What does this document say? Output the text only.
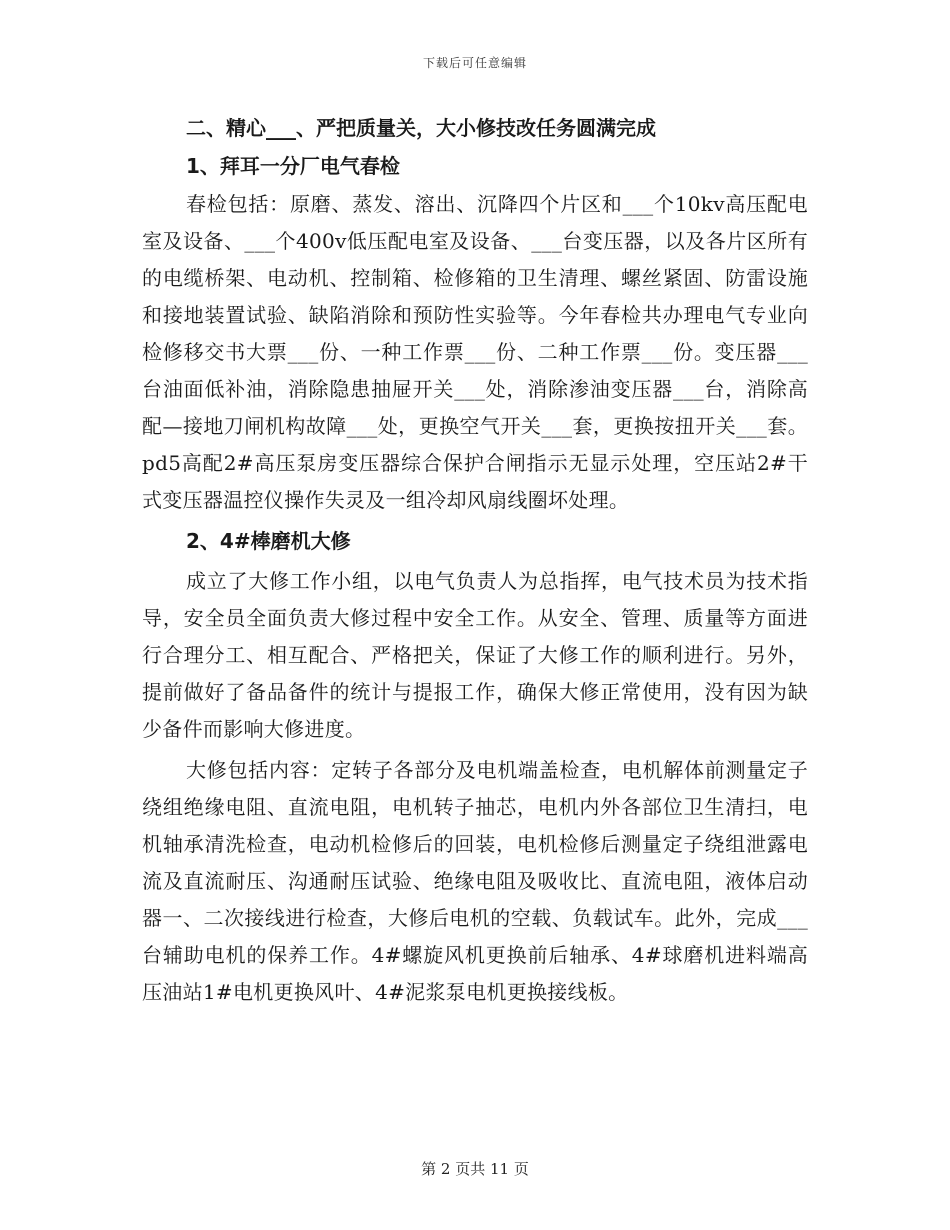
下载后可任意编辑

二、精心___、严把质量关，大小修技改任务圆满完成

1、拜耳一分厂电气春检

春检包括：原磨、蒸发、溶出、沉降四个片区和___个10kv高压配电室及设备、___个400v低压配电室及设备、___台变压器，以及各片区所有的电缆桥架、电动机、控制箱、检修箱的卫生清理、螺丝紧固、防雷设施和接地装置试验、缺陷消除和预防性实验等。今年春检共办理电气专业向检修移交书大票___份、一种工作票___份、二种工作票___份。变压器___台油面低补油，消除隐患抽屉开关___处，消除渗油变压器___台，消除高配—接地刀闸机构故障___处，更换空气开关___套，更换按扭开关___套。pd5高配2#高压泵房变压器综合保护合闸指示无显示处理，空压站2#干式变压器温控仪操作失灵及一组冷却风扇线圈坏处理。

2、4#棒磨机大修

成立了大修工作小组，以电气负责人为总指挥，电气技术员为技术指导，安全员全面负责大修过程中安全工作。从安全、管理、质量等方面进行合理分工、相互配合、严格把关，保证了大修工作的顺利进行。另外，提前做好了备品备件的统计与提报工作，确保大修正常使用，没有因为缺少备件而影响大修进度。

大修包括内容：定转子各部分及电机端盖检查，电机解体前测量定子绕组绝缘电阻、直流电阻，电机转子抽芯，电机内外各部位卫生清扫，电机轴承清洗检查，电动机检修后的回装，电机检修后测量定子绕组泄露电流及直流耐压、沟通耐压试验、绝缘电阻及吸收比、直流电阻，液体启动器一、二次接线进行检查，大修后电机的空载、负载试车。此外，完成___台辅助电机的保养工作。4#螺旋风机更换前后轴承、4#球磨机进料端高压油站1#电机更换风叶、4#泥浆泵电机更换接线板。

第 2 页共 11 页
